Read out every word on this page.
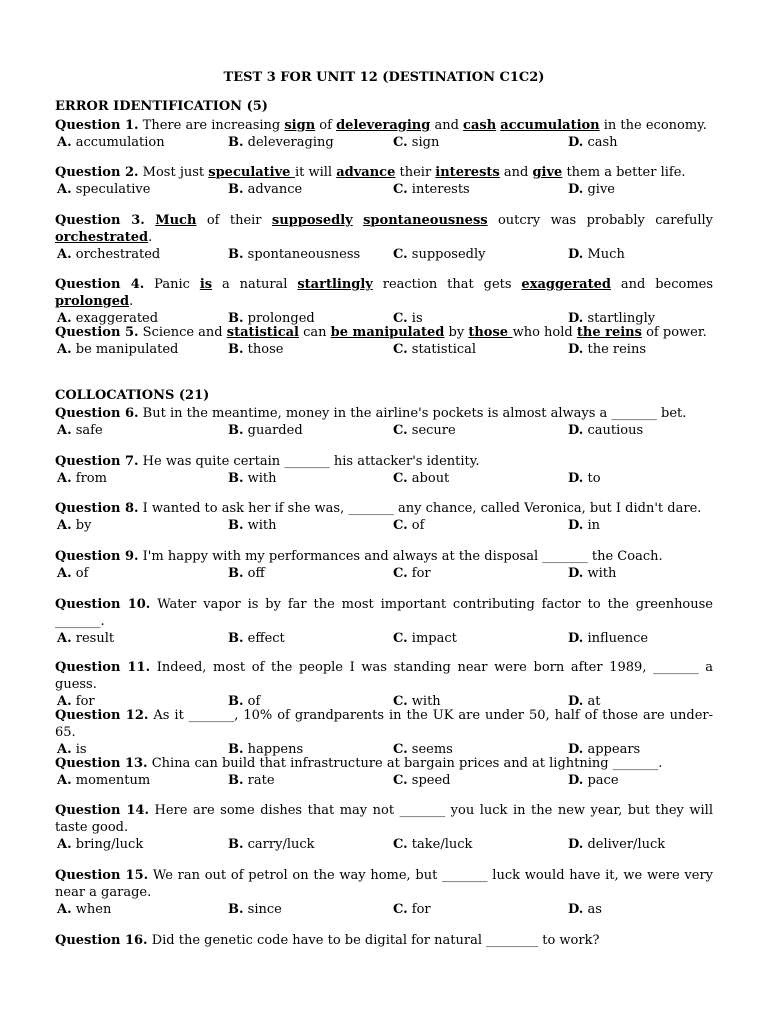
TEST 3 FOR UNIT 12 (DESTINATION C1C2)
ERROR IDENTIFICATION (5)
Question 1. There are increasing sign of deleveraging and cash accumulation in the economy.
A. accumulation	B. deleveraging	C. sign	D. cash
Question 2. Most just speculative it will advance their interests and give them a better life.
A. speculative	B. advance	C. interests	D. give
Question 3. Much of their supposedly spontaneousness outcry was probably carefully orchestrated.
A. orchestrated	B. spontaneousness	C. supposedly	D. Much
Question 4. Panic is a natural startlingly reaction that gets exaggerated and becomes prolonged.
A. exaggerated	B. prolonged	C. is	D. startlingly
Question 5. Science and statistical can be manipulated by those who hold the reins of power.
A. be manipulated	B. those	C. statistical	D. the reins
COLLOCATIONS (21)
Question 6. But in the meantime, money in the airline's pockets is almost always a _______ bet.
A. safe	B. guarded	C. secure	D. cautious
Question 7. He was quite certain _______ his attacker's identity.
A. from	B. with	C. about	D. to
Question 8. I wanted to ask her if she was, _______ any chance, called Veronica, but I didn't dare.
A. by	B. with	C. of	D. in
Question 9. I'm happy with my performances and always at the disposal _______ the Coach.
A. of	B. off	C. for	D. with
Question 10. Water vapor is by far the most important contributing factor to the greenhouse _______.
A. result	B. effect	C. impact	D. influence
Question 11. Indeed, most of the people I was standing near were born after 1989, _______ a guess.
A. for	B. of	C. with	D. at
Question 12. As it _______, 10% of grandparents in the UK are under 50, half of those are under-65.
A. is	B. happens	C. seems	D. appears
Question 13. China can build that infrastructure at bargain prices and at lightning _______.
A. momentum	B. rate	C. speed	D. pace
Question 14. Here are some dishes that may not _______ you luck in the new year, but they will taste good.
A. bring/luck	B. carry/luck	C. take/luck	D. deliver/luck
Question 15. We ran out of petrol on the way home, but _______ luck would have it, we were very near a garage.
A. when	B. since	C. for	D. as
Question 16. Did the genetic code have to be digital for natural ________ to work?
